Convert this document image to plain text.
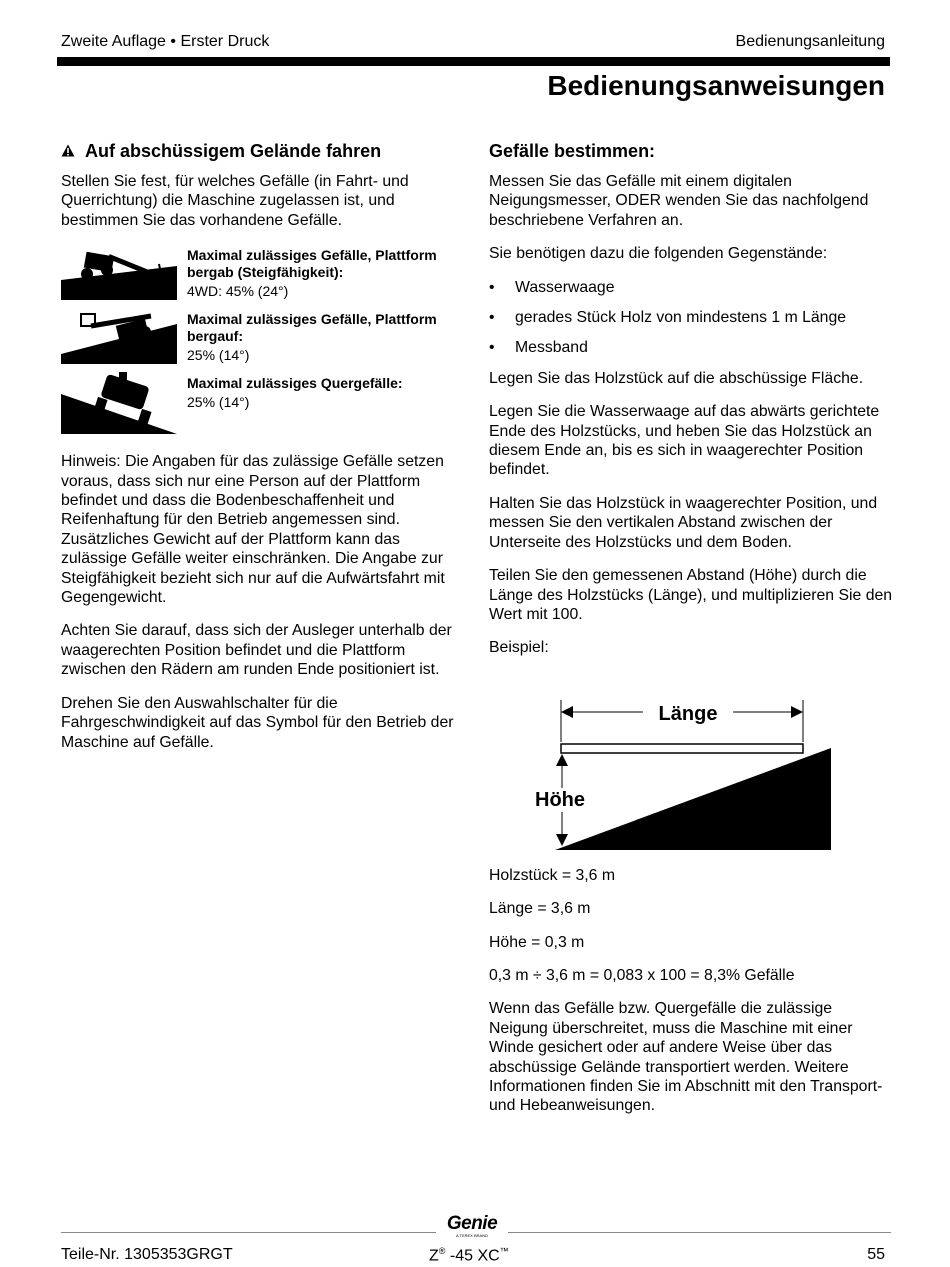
Zweite Auflage • Erster Druck	Bedienungsanleitung
Bedienungsanweisungen
Auf abschüssigem Gelände fahren

Stellen Sie fest, für welches Gefälle (in Fahrt- und Querrichtung) die Maschine zugelassen ist, und bestimmen Sie das vorhandene Gefälle.

Maximal zulässiges Gefälle, Plattform bergab (Steigfähigkeit):
4WD: 45% (24°)
Maximal zulässiges Gefälle, Plattform bergauf:
25% (14°)
Maximal zulässiges Quergefälle:
25% (14°)

Hinweis: Die Angaben für das zulässige Gefälle setzen voraus, dass sich nur eine Person auf der Plattform befindet und dass die Bodenbeschaffenheit und Reifenhaftung für den Betrieb angemessen sind. Zusätzliches Gewicht auf der Plattform kann das zulässige Gefälle weiter einschränken. Die Angabe zur Steigfähigkeit bezieht sich nur auf die Aufwärtsfahrt mit Gegengewicht.

Achten Sie darauf, dass sich der Ausleger unterhalb der waagerechten Position befindet und die Plattform zwischen den Rädern am runden Ende positioniert ist.

Drehen Sie den Auswahlschalter für die Fahrgeschwindigkeit auf das Symbol für den Betrieb der Maschine auf Gefälle.

Gefälle bestimmen:

Messen Sie das Gefälle mit einem digitalen Neigungsmesser, ODER wenden Sie das nachfolgend beschriebene Verfahren an.

Sie benötigen dazu die folgenden Gegenstände:

• Wasserwaage
• gerades Stück Holz von mindestens 1 m Länge
• Messband

Legen Sie das Holzstück auf die abschüssige Fläche.

Legen Sie die Wasserwaage auf das abwärts gerichtete Ende des Holzstücks, und heben Sie das Holzstück an diesem Ende an, bis es sich in waagerechter Position befindet.

Halten Sie das Holzstück in waagerechter Position, und messen Sie den vertikalen Abstand zwischen der Unterseite des Holzstücks und dem Boden.

Teilen Sie den gemessenen Abstand (Höhe) durch die Länge des Holzstücks (Länge), und multiplizieren Sie den Wert mit 100.

Beispiel:

Länge
Höhe

Holzstück = 3,6 m

Länge = 3,6 m

Höhe = 0,3 m

0,3 m ÷ 3,6 m = 0,083 x 100 = 8,3% Gefälle

Wenn das Gefälle bzw. Quergefälle die zulässige Neigung überschreitet, muss die Maschine mit einer Winde gesichert oder auf andere Weise über das abschüssige Gelände transportiert werden. Weitere Informationen finden Sie im Abschnitt mit den Transport- und Hebeanweisungen.

Genie
A TEREX BRAND
Teile-Nr. 1305353GRGT	Z® -45 XC™	55
